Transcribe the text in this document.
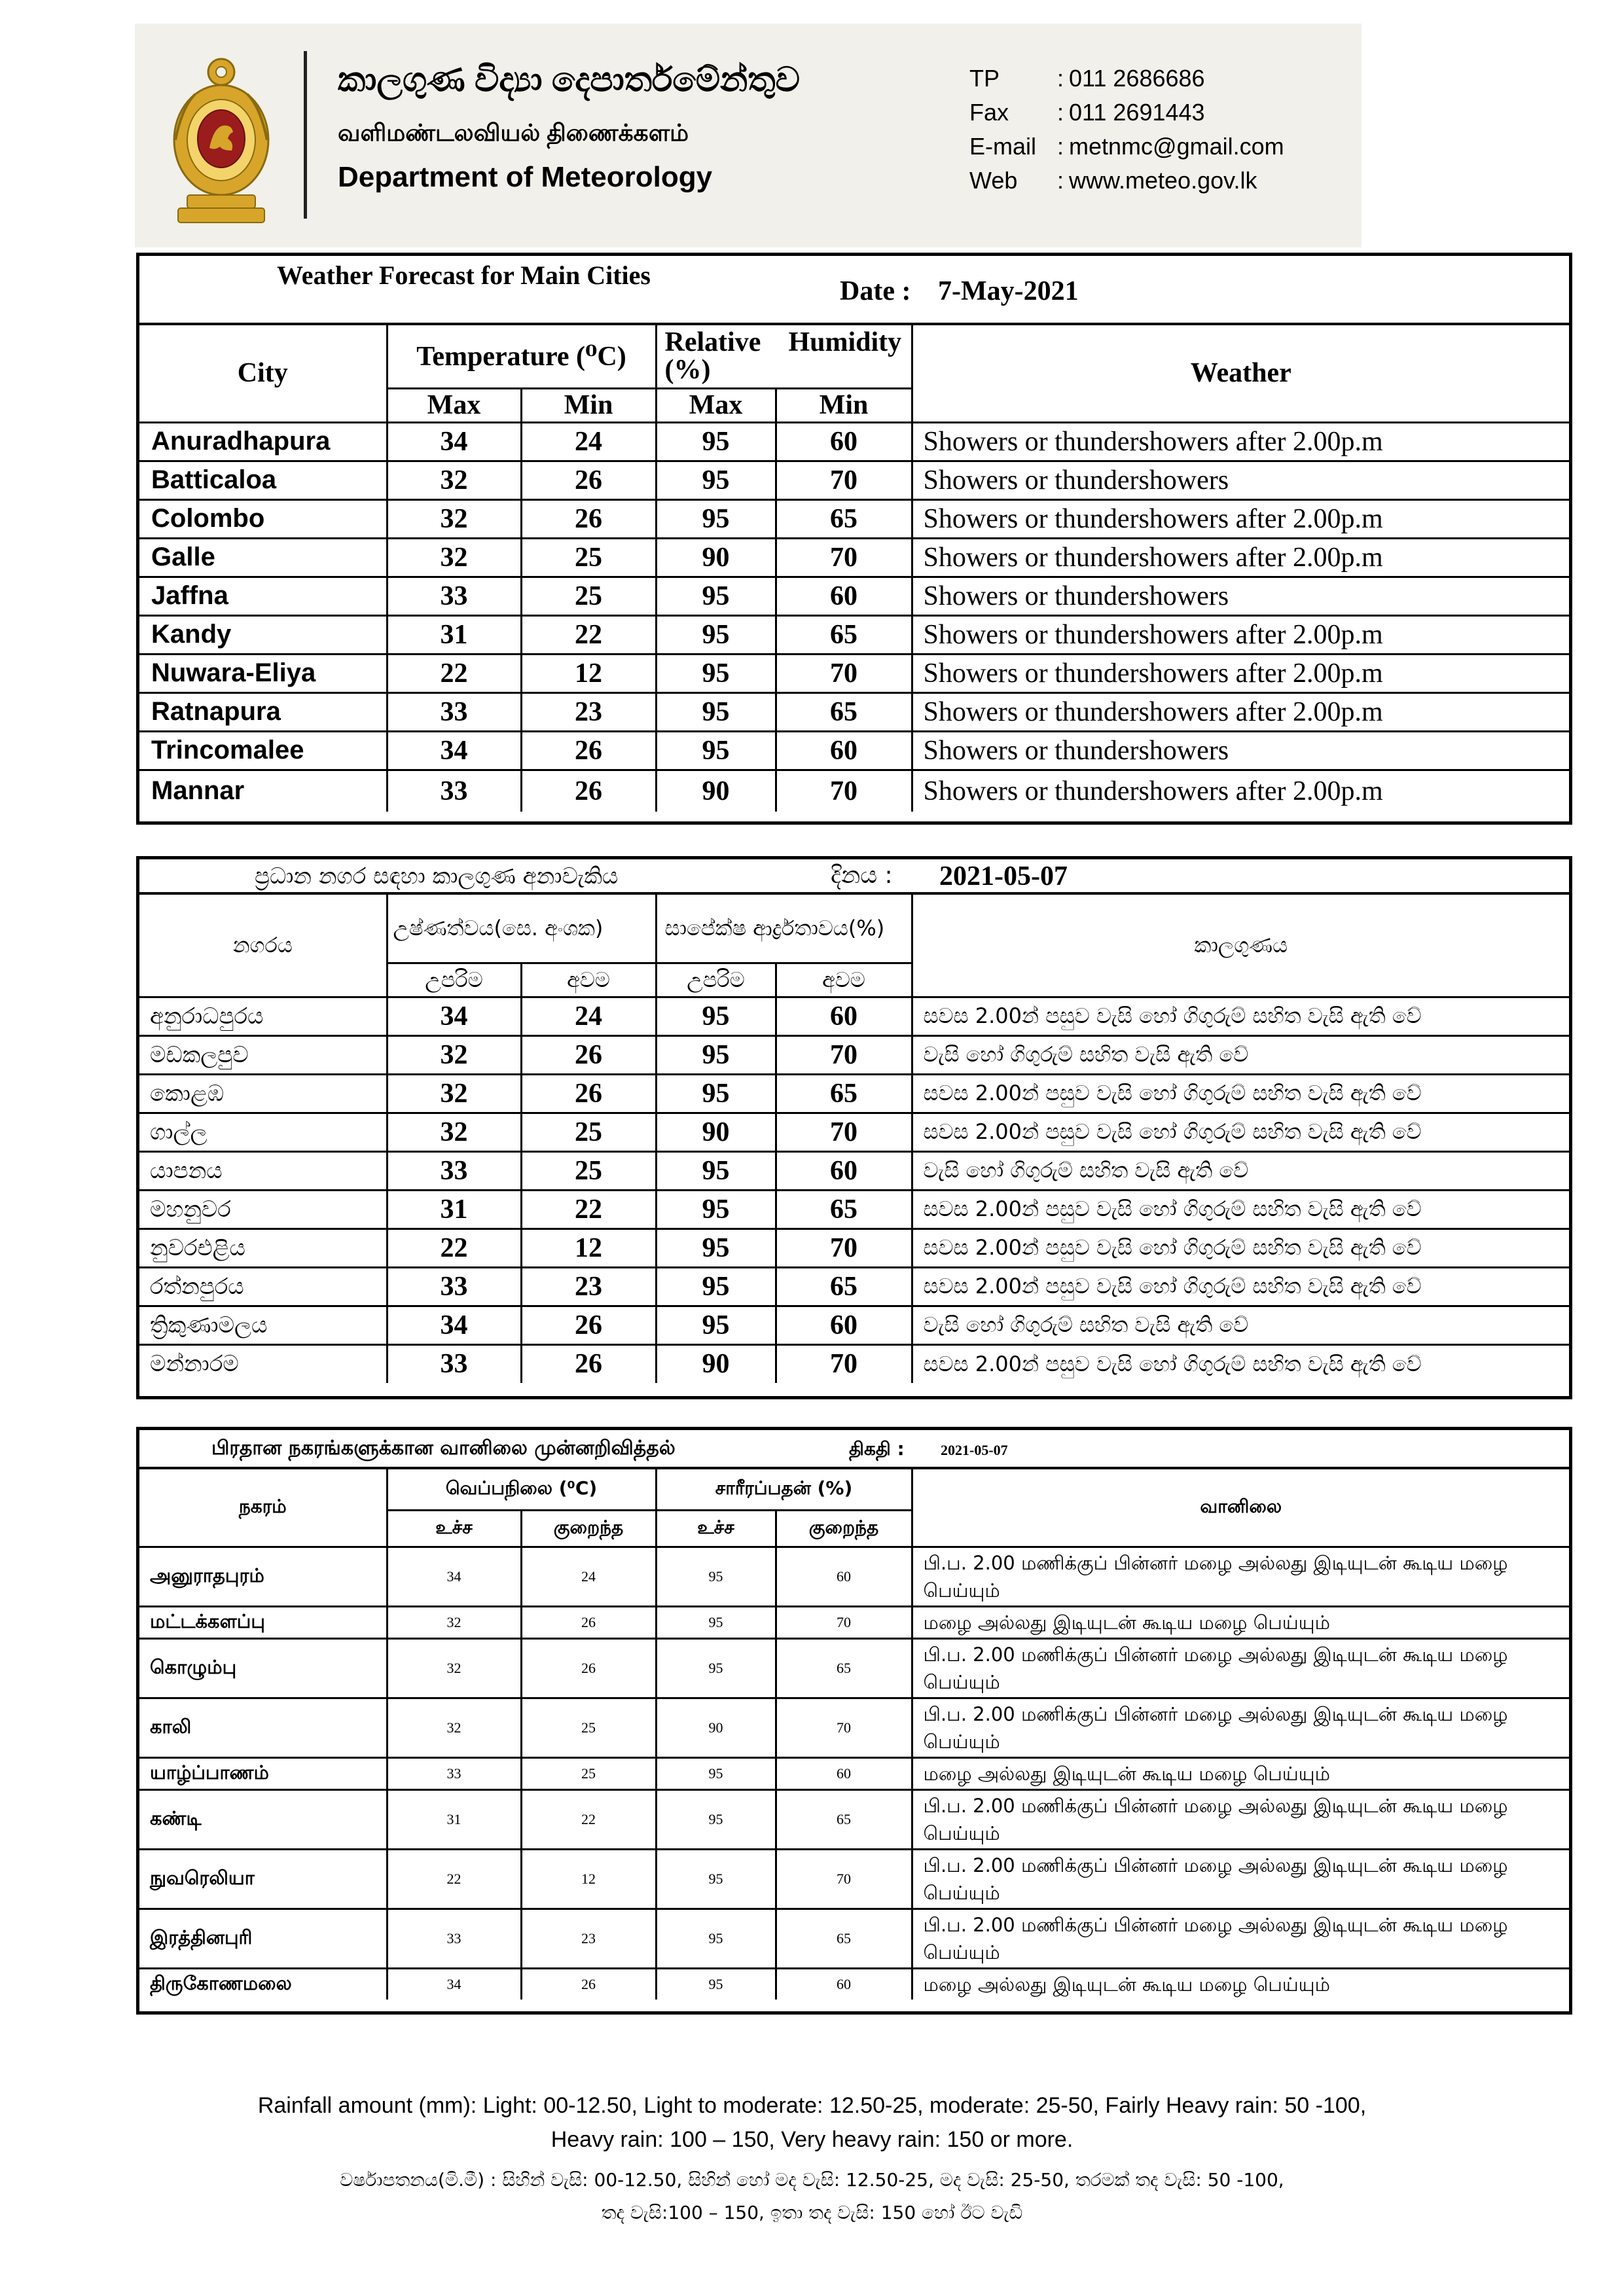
කාලගුණ විද්‍යා දෙපාර්තමේන්තුව
வளிமண்டலவியல் திணைக்களம்
Department of Meteorology
TP	: 011 2686686
Fax	: 011 2691443
E-mail : metnmc@gmail.com
Web	: www.meteo.gov.lk
Weather Forecast for Main Cities
Date : 7-May-2021
City	Temperature (⁰C)		Relative    Humidity (%)		Weather
	Max	Min	Max	Min	
Anuradhapura	34	24	95	60	Showers or thundershowers after 2.00p.m
Batticaloa	32	26	95	70	Showers or thundershowers
Colombo	32	26	95	65	Showers or thundershowers after 2.00p.m
Galle	32	25	90	70	Showers or thundershowers after 2.00p.m
Jaffna	33	25	95	60	Showers or thundershowers
Kandy	31	22	95	65	Showers or thundershowers after 2.00p.m
Nuwara-Eliya	22	12	95	70	Showers or thundershowers after 2.00p.m
Ratnapura	33	23	95	65	Showers or thundershowers after 2.00p.m
Trincomalee	34	26	95	60	Showers or thundershowers
Mannar	33	26	90	70	Showers or thundershowers after 2.00p.m
ප්‍රධාන නගර සඳහා කාලගුණ අනාවැකිය	දිනය : 2021-05-07
නගරය	උෂ්ණත්වය(සෙ. අංශක)		සාපේක්ෂ ආර්ද්‍රතාවය(%)		කාලගුණය
	උපරිම	අවම	උපරිම	අවම	
අනුරාධපුරය	34	24	95	60	සවස 2.00න් පසුව වැසි හෝ ගිගුරුම් සහිත වැසි ඇති වේ
මඩකලපුව	32	26	95	70	වැසි හෝ ගිගුරුම් සහිත වැසි ඇති වේ
කොළඹ	32	26	95	65	සවස 2.00න් පසුව වැසි හෝ ගිගුරුම් සහිත වැසි ඇති වේ
ගාල්ල	32	25	90	70	සවස 2.00න් පසුව වැසි හෝ ගිගුරුම් සහිත වැසි ඇති වේ
යාපනය	33	25	95	60	වැසි හෝ ගිගුරුම් සහිත වැසි ඇති වේ
මහනුවර	31	22	95	65	සවස 2.00න් පසුව වැසි හෝ ගිගුරුම් සහිත වැසි ඇති වේ
නුවරඑළිය	22	12	95	70	සවස 2.00න් පසුව වැසි හෝ ගිගුරුම් සහිත වැසි ඇති වේ
රත්නපුරය	33	23	95	65	සවස 2.00න් පසුව වැසි හෝ ගිගුරුම් සහිත වැසි ඇති වේ
ත්‍රිකුණාමලය	34	26	95	60	වැසි හෝ ගිගුරුම් සහිත වැසි ඇති වේ
මන්නාරම	33	26	90	70	සවස 2.00න් පසුව වැසි හෝ ගිගුරුම් සහිත වැසි ඇති වේ
பிரதான நகரங்களுக்கான வானிலை முன்னறிவித்தல்	திகதி :	2021-05-07
நகரம்	வெப்பநிலை (⁰C)		சாரீரப்பதன் (%)		வானிலை
	உச்ச	குறைந்த	உச்ச	குறைந்த	
அனுராதபுரம்	34	24	95	60	பி.ப. 2.00 மணிக்குப் பின்னர் மழை அல்லது இடியுடன் கூடிய மழை பெய்யும்
மட்டக்களப்பு	32	26	95	70	மழை அல்லது இடியுடன் கூடிய மழை பெய்யும்
கொழும்பு	32	26	95	65	பி.ப. 2.00 மணிக்குப் பின்னர் மழை அல்லது இடியுடன் கூடிய மழை பெய்யும்
காலி	32	25	90	70	பி.ப. 2.00 மணிக்குப் பின்னர் மழை அல்லது இடியுடன் கூடிய மழை பெய்யும்
யாழ்ப்பாணம்	33	25	95	60	மழை அல்லது இடியுடன் கூடிய மழை பெய்யும்
கண்டி	31	22	95	65	பி.ப. 2.00 மணிக்குப் பின்னர் மழை அல்லது இடியுடன் கூடிய மழை பெய்யும்
நுவரெலியா	22	12	95	70	பி.ப. 2.00 மணிக்குப் பின்னர் மழை அல்லது இடியுடன் கூடிய மழை பெய்யும்
இரத்தினபுரி	33	23	95	65	பி.ப. 2.00 மணிக்குப் பின்னர் மழை அல்லது இடியுடன் கூடிய மழை பெய்யும்
திருகோணமலை	34	26	95	60	மழை அல்லது இடியுடன் கூடிய மழை பெய்யும்
Rainfall amount (mm): Light: 00-12.50, Light to moderate: 12.50-25, moderate: 25-50, Fairly Heavy rain: 50 -100,
Heavy rain: 100 – 150, Very heavy rain: 150 or more.
වර්ෂාපතනය(මි.මී) : සිහින් වැසි: 00-12.50, සිහින් හෝ මද වැසි: 12.50-25, මද වැසි: 25-50, තරමක් තද වැසි: 50 -100,
තද වැසි:100 – 150, ඉතා තද වැසි: 150 හෝ ඊට වැඩි
